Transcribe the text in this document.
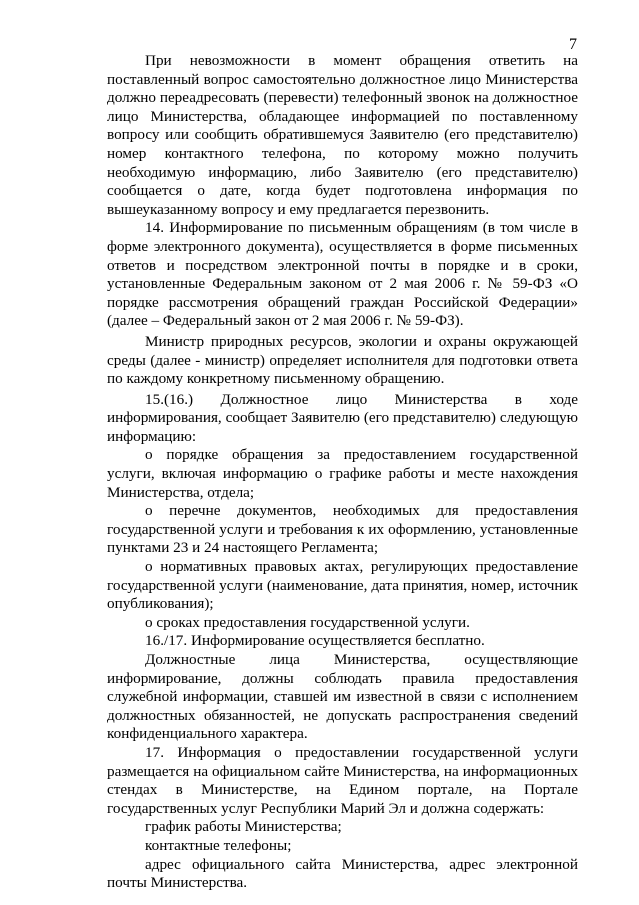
7

При невозможности в момент обращения ответить на поставленный вопрос самостоятельно должностное лицо Министерства должно переадресовать (перевести) телефонный звонок на должностное лицо Министерства, обладающее информацией по поставленному вопросу или сообщить обратившемуся Заявителю (его представителю) номер контактного телефона, по которому можно получить необходимую информацию, либо Заявителю (его представителю) сообщается о дате, когда будет подготовлена информация по вышеуказанному вопросу и ему предлагается перезвонить.

14. Информирование по письменным обращениям (в том числе в форме электронного документа), осуществляется в форме письменных ответов и посредством электронной почты в порядке и в сроки, установленные Федеральным законом от 2 мая 2006 г. № 59-ФЗ «О порядке рассмотрения обращений граждан Российской Федерации» (далее – Федеральный закон от 2 мая 2006 г. № 59-ФЗ).

Министр природных ресурсов, экологии и охраны окружающей среды (далее - министр) определяет исполнителя для подготовки ответа по каждому конкретному письменному обращению.

15.(16.) Должностное лицо Министерства в ходе информирования, сообщает Заявителю (его представителю) следующую информацию:

о порядке обращения за предоставлением государственной услуги, включая информацию о графике работы и месте нахождения Министерства, отдела;

о перечне документов, необходимых для предоставления государственной услуги и требования к их оформлению, установленные пунктами 23 и 24 настоящего Регламента;

о нормативных правовых актах, регулирующих предоставление государственной услуги (наименование, дата принятия, номер, источник опубликования);

о сроках предоставления государственной услуги.

16./17. Информирование осуществляется бесплатно.

Должностные лица Министерства, осуществляющие информирование, должны соблюдать правила предоставления служебной информации, ставшей им известной в связи с исполнением должностных обязанностей, не допускать распространения сведений конфиденциального характера.

17. Информация о предоставлении государственной услуги размещается на официальном сайте Министерства, на информационных стендах в Министерстве, на Едином портале, на Портале государственных услуг Республики Марий Эл и должна содержать:

график работы Министерства;

контактные телефоны;

адрес официального сайта Министерства, адрес электронной почты Министерства.
